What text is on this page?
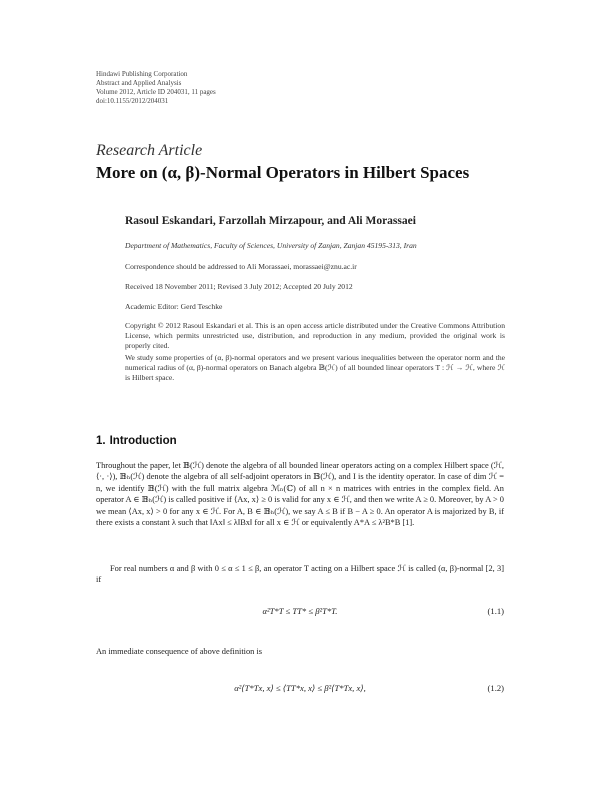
Hindawi Publishing Corporation
Abstract and Applied Analysis
Volume 2012, Article ID 204031, 11 pages
doi:10.1155/2012/204031
Research Article
More on (α, β)-Normal Operators in Hilbert Spaces
Rasoul Eskandari, Farzollah Mirzapour, and Ali Morassaei
Department of Mathematics, Faculty of Sciences, University of Zanjan, Zanjan 45195-313, Iran
Correspondence should be addressed to Ali Morassaei, morassaei@znu.ac.ir
Received 18 November 2011; Revised 3 July 2012; Accepted 20 July 2012
Academic Editor: Gerd Teschke
Copyright © 2012 Rasoul Eskandari et al. This is an open access article distributed under the Creative Commons Attribution License, which permits unrestricted use, distribution, and reproduction in any medium, provided the original work is properly cited.
We study some properties of (α, β)-normal operators and we present various inequalities between the operator norm and the numerical radius of (α, β)-normal operators on Banach algebra 𝔹(ℋ) of all bounded linear operators T : ℋ → ℋ, where ℋ is Hilbert space.
1. Introduction
Throughout the paper, let 𝔹(ℋ) denote the algebra of all bounded linear operators acting on a complex Hilbert space (ℋ, ⟨·, ·⟩), 𝔹ₕ(ℋ) denote the algebra of all self-adjoint operators in 𝔹(ℋ), and I is the identity operator. In case of dim ℋ = n, we identify 𝔹(ℋ) with the full matrix algebra ℳₙ(ℂ) of all n × n matrices with entries in the complex field. An operator A ∈ 𝔹ₕ(ℋ) is called positive if ⟨Ax, x⟩ ≥ 0 is valid for any x ∈ ℋ, and then we write A ≥ 0. Moreover, by A > 0 we mean ⟨Ax, x⟩ > 0 for any x ∈ ℋ. For A, B ∈ 𝔹ₕ(ℋ), we say A ≤ B if B − A ≥ 0. An operator A is majorized by B, if there exists a constant λ such that ‖Ax‖ ≤ λ‖Bx‖ for all x ∈ ℋ or equivalently A*A ≤ λ²B*B [1].
For real numbers α and β with 0 ≤ α ≤ 1 ≤ β, an operator T acting on a Hilbert space ℋ is called (α, β)-normal [2, 3] if
α²T*T ≤ TT* ≤ β²T*T.	(1.1)
An immediate consequence of above definition is
α²⟨T*Tx, x⟩ ≤ ⟨TT*x, x⟩ ≤ β²⟨T*Tx, x⟩,	(1.2)
